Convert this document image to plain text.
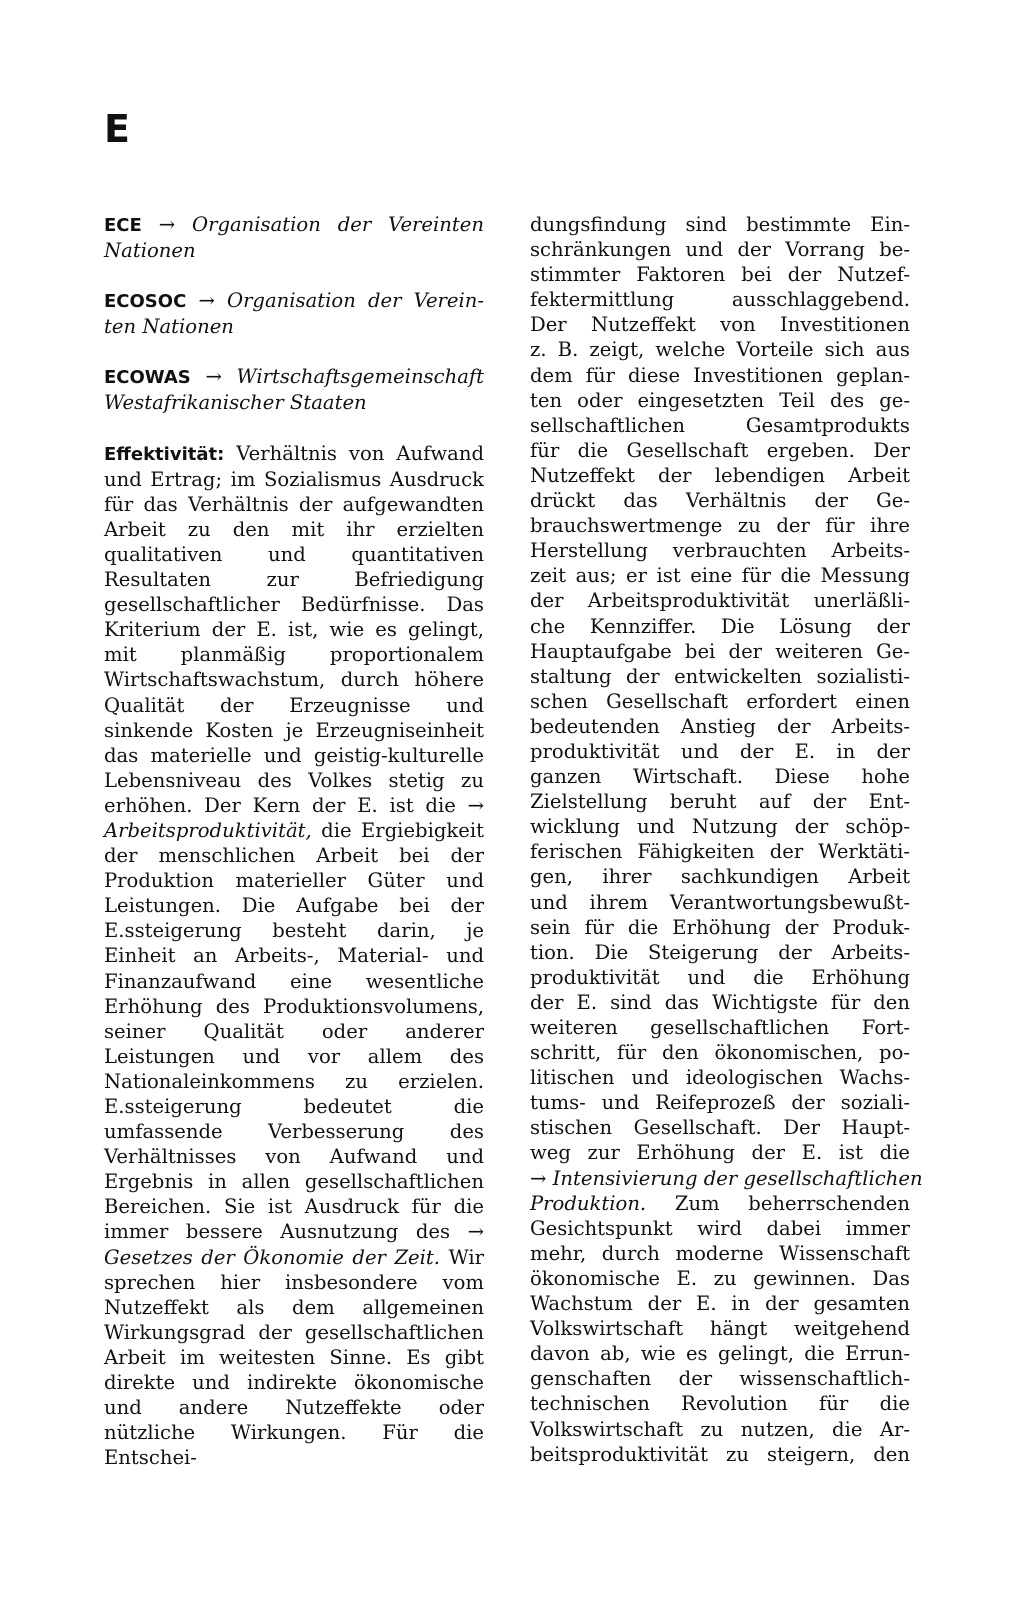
E

ECE → Organisation der Vereinten Nationen

ECOSOC → Organisation der Vereinten Nationen

ECOWAS → Wirtschaftsgemeinschaft Westafrikanischer Staaten

Effektivität: Verhältnis von Aufwand und Ertrag; im Sozialismus Ausdruck für das Verhältnis der aufgewandten Arbeit zu den mit ihr erzielten qualitativen und quantitativen Resultaten zur Befriedigung gesellschaftlicher Bedürfnisse. Das Kriterium der E. ist, wie es gelingt, mit planmäßig proportionalem Wirtschaftswachstum, durch höhere Qualität der Erzeugnisse und sinkende Kosten je Erzeugniseinheit das materielle und geistig-kulturelle Lebensniveau des Volkes stetig zu erhöhen. Der Kern der E. ist die → Arbeitsproduktivität, die Ergiebigkeit der menschlichen Arbeit bei der Produktion materieller Güter und Leistungen. Die Aufgabe bei der E.ssteigerung besteht darin, je Einheit an Arbeits-, Material- und Finanzaufwand eine wesentliche Erhöhung des Produktionsvolumens, seiner Qualität oder anderer Leistungen und vor allem des Nationaleinkommens zu erzielen. E.ssteigerung bedeutet die umfassende Verbesserung des Verhältnisses von Aufwand und Ergebnis in allen gesellschaftlichen Bereichen. Sie ist Ausdruck für die immer bessere Ausnutzung des → Gesetzes der Ökonomie der Zeit. Wir sprechen hier insbesondere vom Nutzeffekt als dem allgemeinen Wirkungsgrad der gesellschaftlichen Arbeit im weitesten Sinne. Es gibt direkte und indirekte ökonomische und andere Nutzeffekte oder nützliche Wirkungen. Für die Entschei-

dungsfindung sind bestimmte Ein-
schränkungen und der Vorrang be-
stimmter Faktoren bei der Nutzef-
fektermittlung ausschlaggebend.
Der Nutzeffekt von Investitionen
z. B. zeigt, welche Vorteile sich aus
dem für diese Investitionen geplan-
ten oder eingesetzten Teil des ge-
sellschaftlichen Gesamtprodukts
für die Gesellschaft ergeben. Der
Nutzeffekt der lebendigen Arbeit
drückt das Verhältnis der Ge-
brauchswertmenge zu der für ihre
Herstellung verbrauchten Arbeits-
zeit aus; er ist eine für die Messung
der Arbeitsproduktivität unerläßli-
che Kennziffer. Die Lösung der
Hauptaufgabe bei der weiteren Ge-
staltung der entwickelten sozialisti-
schen Gesellschaft erfordert einen
bedeutenden Anstieg der Arbeits-
produktivität und der E. in der
ganzen Wirtschaft. Diese hohe
Zielstellung beruht auf der Ent-
wicklung und Nutzung der schöp-
ferischen Fähigkeiten der Werktäti-
gen, ihrer sachkundigen Arbeit
und ihrem Verantwortungsbewußt-
sein für die Erhöhung der Produk-
tion. Die Steigerung der Arbeits-
produktivität und die Erhöhung
der E. sind das Wichtigste für den
weiteren gesellschaftlichen Fort-
schritt, für den ökonomischen, po-
litischen und ideologischen Wachs-
tums- und Reifeprozeß der soziali-
stischen Gesellschaft. Der Haupt-
weg zur Erhöhung der E. ist die
→ Intensivierung der gesellschaftlichen
Produktion. Zum beherrschenden
Gesichtspunkt wird dabei immer
mehr, durch moderne Wissenschaft
ökonomische E. zu gewinnen. Das
Wachstum der E. in der gesamten
Volkswirtschaft hängt weitgehend
davon ab, wie es gelingt, die Errun-
genschaften der wissenschaftlich-
technischen Revolution für die
Volkswirtschaft zu nutzen, die Ar-
beitsproduktivität zu steigern, den
